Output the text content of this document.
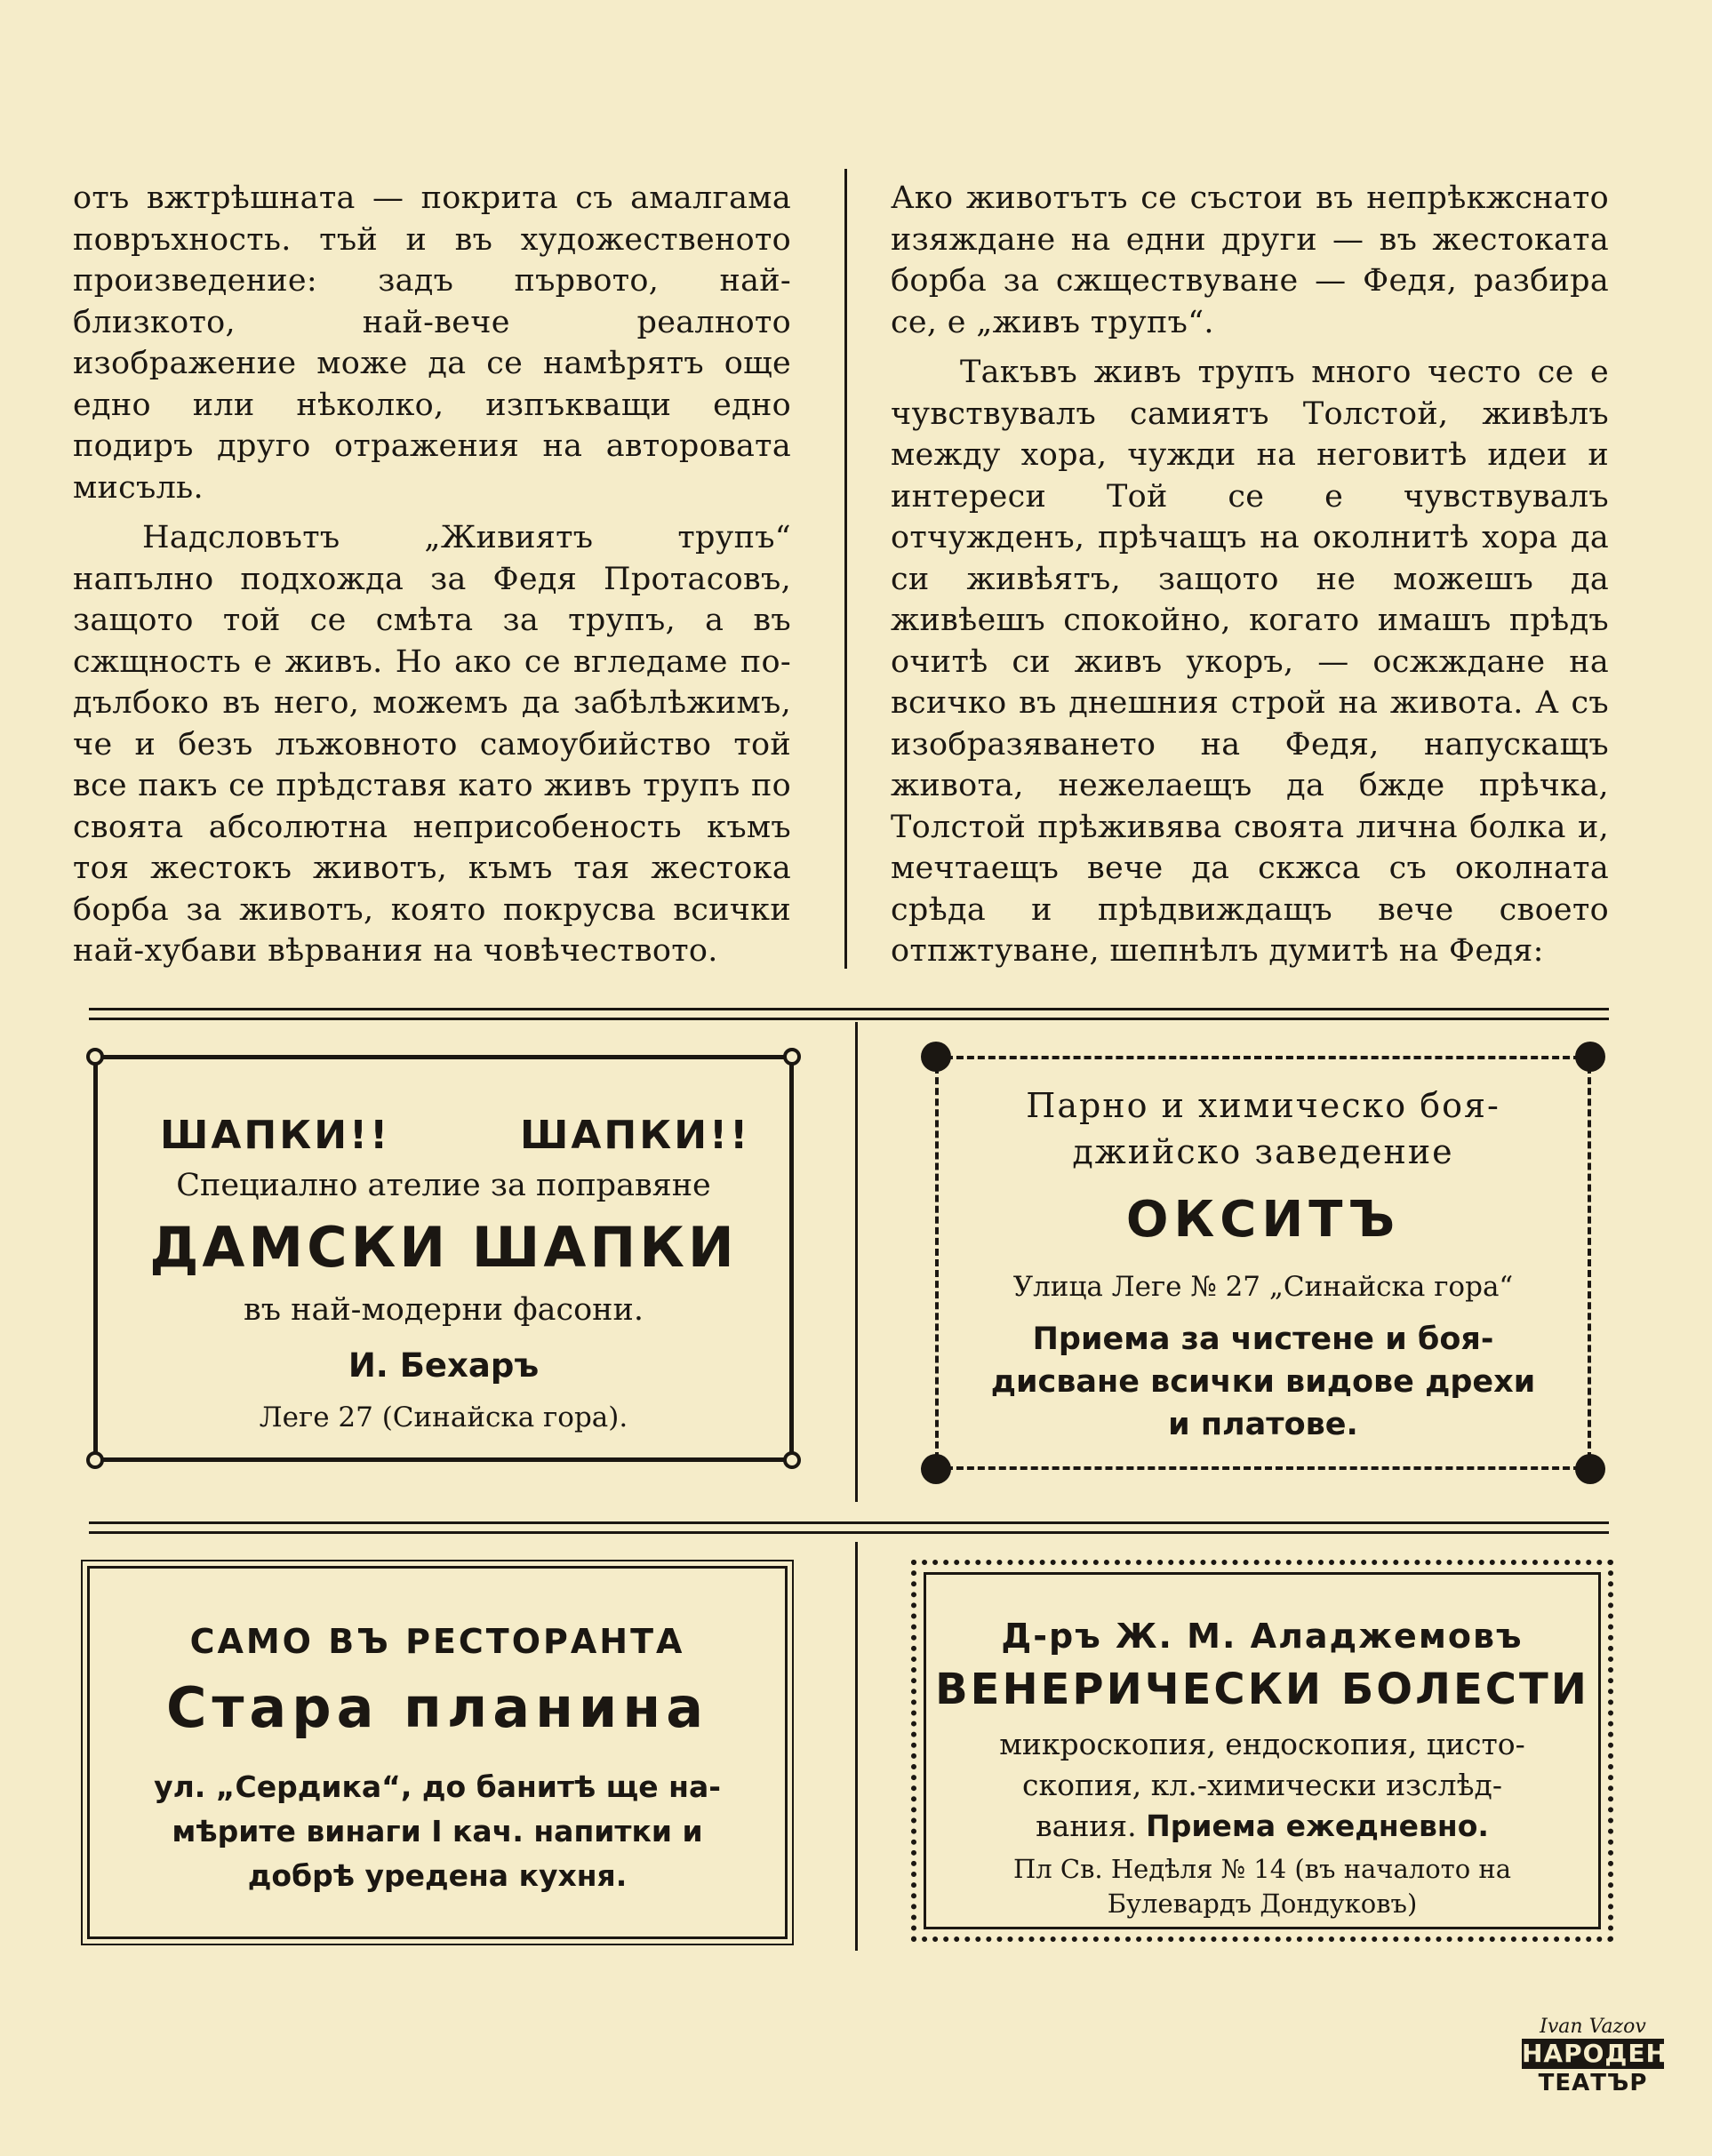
отъ вжтрѣшната — покрита съ амалгама повръхность. тъй и въ художественото произведение: задъ първото, най-близкото, най-вече реалното изображение може да се намѣрятъ още едно или нѣколко, изпъкващи едно подиръ друго отражения на авторовата мисъль.

Надсловътъ „Живиятъ трупъ“ напълно подхожда за Федя Протасовъ, защото той се смѣта за трупъ, а въ сжщность е живъ. Но ако се вгледаме по-дълбоко въ него, можемъ да забѣлѣжимъ, че и безъ лъжовното самоубийство той все пакъ се прѣдставя като живъ трупъ по своята абсолютна неприсобеность къмъ тоя жестокъ животъ, къмъ тая жестока борба за животъ, която покрусва всички най-хубави вѣрвания на човѣчеството.

Ако животътъ се състои въ непрѣкжснато изяждане на едни други — въ жестоката борба за сжществуване — Федя, разбира се, е „живъ трупъ“.

Такъвъ живъ трупъ много често се е чувствувалъ самиятъ Толстой, живѣлъ между хора, чужди на неговитѣ идеи и интереси Той се е чувствувалъ отчужденъ, прѣчащъ на околнитѣ хора да си живѣятъ, защото не можешъ да живѣешъ спокойно, когато имашъ прѣдъ очитѣ си живъ укоръ, — осжждане на всичко въ днешния строй на живота. А съ изобразяването на Федя, напускащъ живота, нежелаещъ да бжде прѣчка, Толстой прѣживява своята лична болка и, мечтаещъ вече да скжса съ околната срѣда и прѣдвиждащъ вече своето отпжтуване, шепнѣлъ думитѣ на Федя:

ШАПКИ!!	ШАПКИ!!
Специално ателие за поправяне
ДАМСКИ ШАПКИ
въ най-модерни фасони.
И. Бехаръ
Леге 27 (Синайска гора).
Парно и химическо боя-
джийско заведение
ОКСИТЪ
Улица Леге № 27 „Синайска гора“
Приема за чистене и боя-
дисване всички видове дрехи
и платове.
САМО ВЪ РЕСТОРАНТА
Стара планина
ул. „Сердика“, до банитѣ ще на-
мѣрите винаги I кач. напитки и
добрѣ уредена кухня.
Д-ръ Ж. М. Аладжемовъ
ВЕНЕРИЧЕСКИ БОЛЕСТИ
микроскопия, ендоскопия, цисто-
скопия, кл.-химически изслѣд-
вания. Приема ежедневно.
Пл Св. Недѣля № 14 (въ началото на
Булевардъ Дондуковъ)
Ivan Vazov
НАРОДЕН
ТЕАТЪР
